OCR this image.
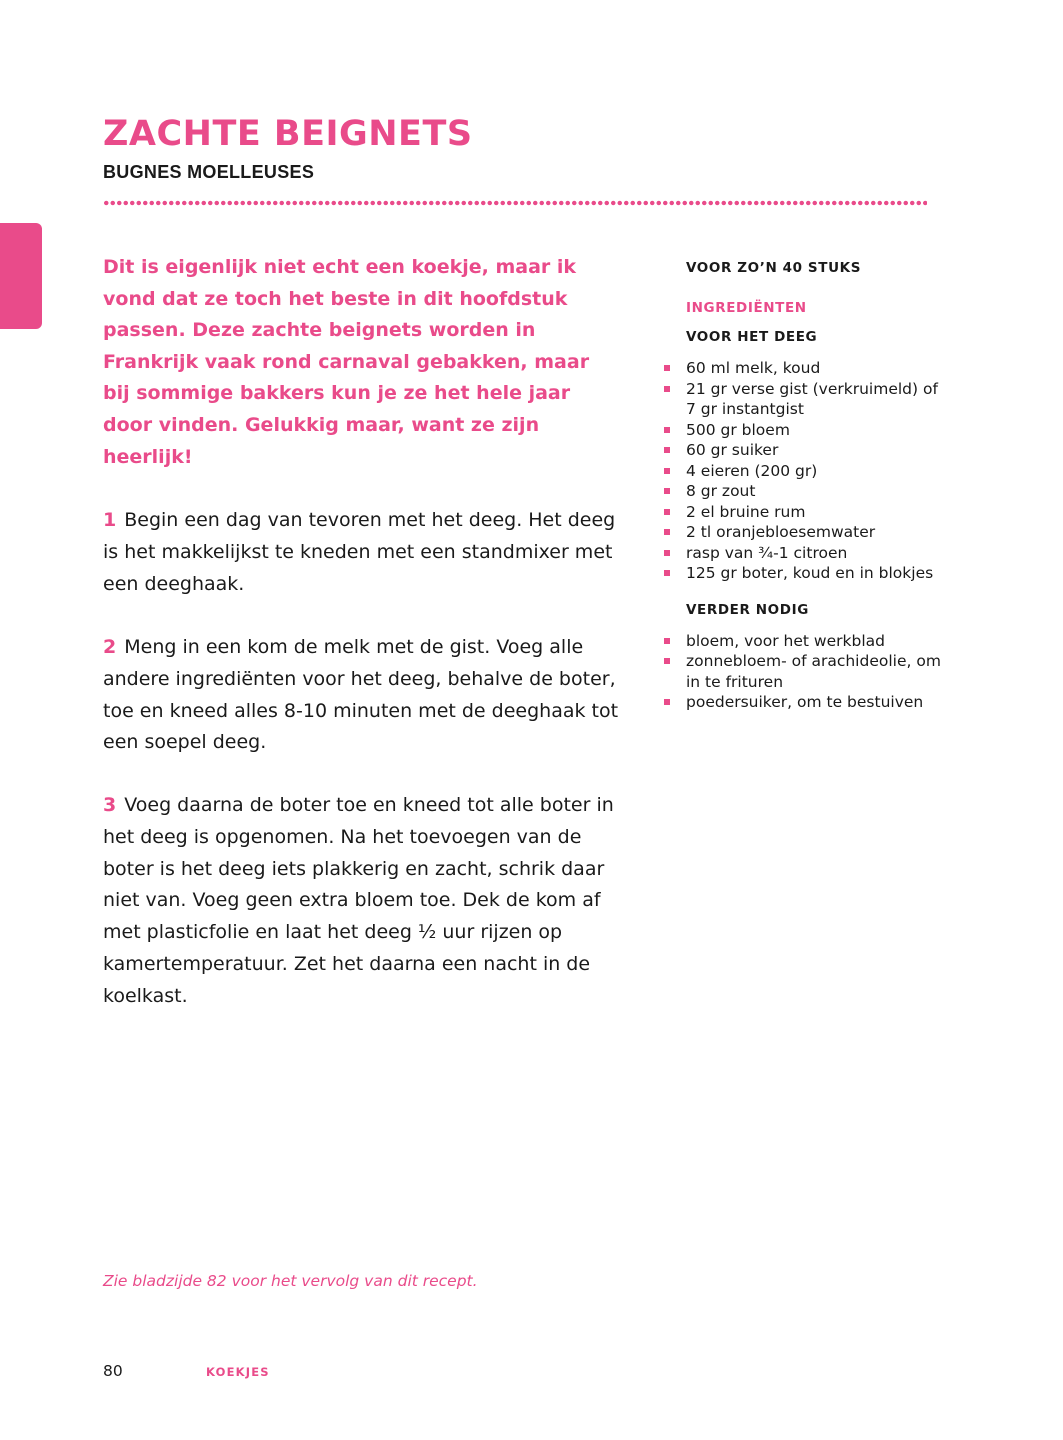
ZACHTE BEIGNETS
BUGNES MOELLEUSES

Dit is eigenlijk niet echt een koekje, maar ik vond dat ze toch het beste in dit hoofdstuk passen. Deze zachte beignets worden in Frankrijk vaak rond carnaval gebakken, maar bij sommige bakkers kun je ze het hele jaar door vinden. Gelukkig maar, want ze zijn heerlijk!

1 Begin een dag van tevoren met het deeg. Het deeg is het makkelijkst te kneden met een standmixer met een deeghaak.

2 Meng in een kom de melk met de gist. Voeg alle andere ingrediënten voor het deeg, behalve de boter, toe en kneed alles 8-10 minuten met de deeghaak tot een soepel deeg.

3 Voeg daarna de boter toe en kneed tot alle boter in het deeg is opgenomen. Na het toevoegen van de boter is het deeg iets plakkerig en zacht, schrik daar niet van. Voeg geen extra bloem toe. Dek de kom af met plasticfolie en laat het deeg ½ uur rijzen op kamertemperatuur. Zet het daarna een nacht in de koelkast.

VOOR ZO’N 40 STUKS

INGREDIËNTEN

VOOR HET DEEG

60 ml melk, koud
21 gr verse gist (verkruimeld) of 7 gr instantgist
500 gr bloem
60 gr suiker
4 eieren (200 gr)
8 gr zout
2 el bruine rum
2 tl oranjebloesemwater
rasp van ¾-1 citroen
125 gr boter, koud en in blokjes

VERDER NODIG

bloem, voor het werkblad
zonnebloem- of arachideolie, om in te frituren
poedersuiker, om te bestuiven

Zie bladzijde 82 voor het vervolg van dit recept.

80	KOEKJES
